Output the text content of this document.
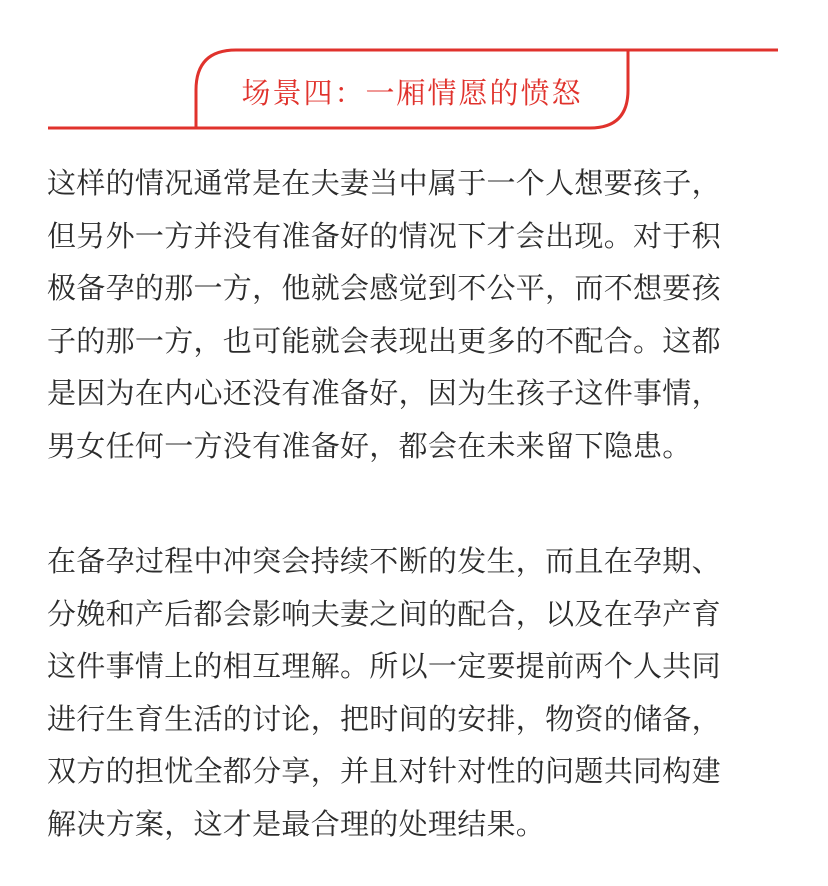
场景四：一厢情愿的愤怒

这样的情况通常是在夫妻当中属于一个人想要孩子，
但另外一方并没有准备好的情况下才会出现。对于积
极备孕的那一方，他就会感觉到不公平，而不想要孩
子的那一方，也可能就会表现出更多的不配合。这都
是因为在内心还没有准备好，因为生孩子这件事情，
男女任何一方没有准备好，都会在未来留下隐患。

在备孕过程中冲突会持续不断的发生，而且在孕期、
分娩和产后都会影响夫妻之间的配合，以及在孕产育
这件事情上的相互理解。所以一定要提前两个人共同
进行生育生活的讨论，把时间的安排，物资的储备，
双方的担忧全都分享，并且对针对性的问题共同构建
解决方案，这才是最合理的处理结果。
